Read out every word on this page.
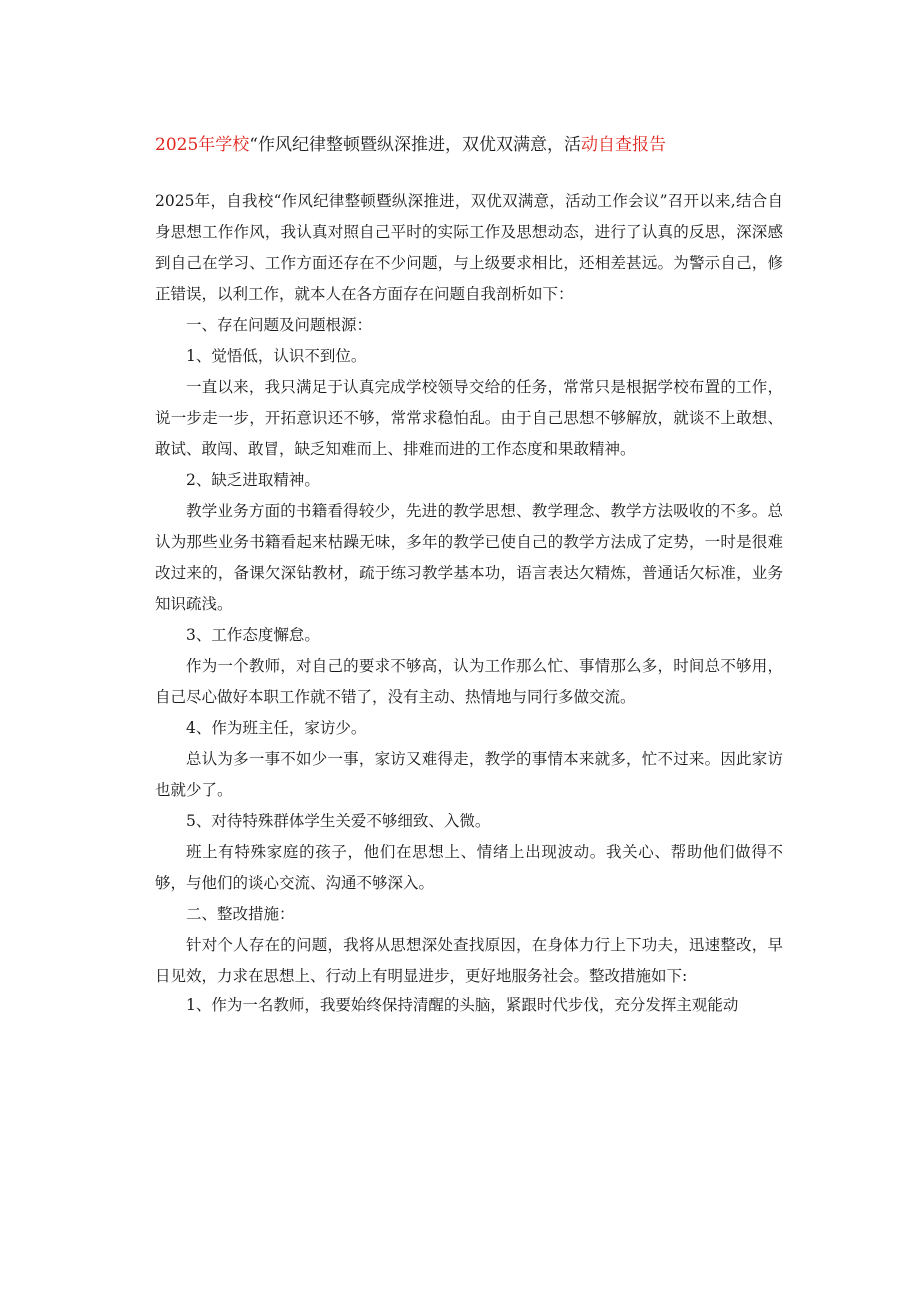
2025年学校“作风纪律整顿暨纵深推进，双优双满意，活动自查报告

2025年，自我校“作风纪律整顿暨纵深推进，双优双满意，活动工作会议”召开以来,结合自身思想工作作风，我认真对照自己平时的实际工作及思想动态，进行了认真的反思，深深感到自己在学习、工作方面还存在不少问题，与上级要求相比，还相差甚远。为警示自己，修正错误，以利工作，就本人在各方面存在问题自我剖析如下：

一、存在问题及问题根源：

1、觉悟低，认识不到位。

一直以来，我只满足于认真完成学校领导交给的任务，常常只是根据学校布置的工作，说一步走一步，开拓意识还不够，常常求稳怕乱。由于自己思想不够解放，就谈不上敢想、敢试、敢闯、敢冒，缺乏知难而上、排难而进的工作态度和果敢精神。

2、缺乏进取精神。

教学业务方面的书籍看得较少，先进的教学思想、教学理念、教学方法吸收的不多。总认为那些业务书籍看起来枯躁无味，多年的教学已使自己的教学方法成了定势，一时是很难改过来的，备课欠深钻教材，疏于练习教学基本功，语言表达欠精炼，普通话欠标准，业务知识疏浅。

3、工作态度懈怠。

作为一个教师，对自己的要求不够高，认为工作那么忙、事情那么多，时间总不够用，自己尽心做好本职工作就不错了，没有主动、热情地与同行多做交流。

4、作为班主任，家访少。

总认为多一事不如少一事，家访又难得走，教学的事情本来就多，忙不过来。因此家访也就少了。

5、对待特殊群体学生关爱不够细致、入微。

班上有特殊家庭的孩子，他们在思想上、情绪上出现波动。我关心、帮助他们做得不够，与他们的谈心交流、沟通不够深入。

二、整改措施：

针对个人存在的问题，我将从思想深处查找原因，在身体力行上下功夫，迅速整改，早日见效，力求在思想上、行动上有明显进步，更好地服务社会。整改措施如下:

1、作为一名教师，我要始终保持清醒的头脑，紧跟时代步伐，充分发挥主观能动
